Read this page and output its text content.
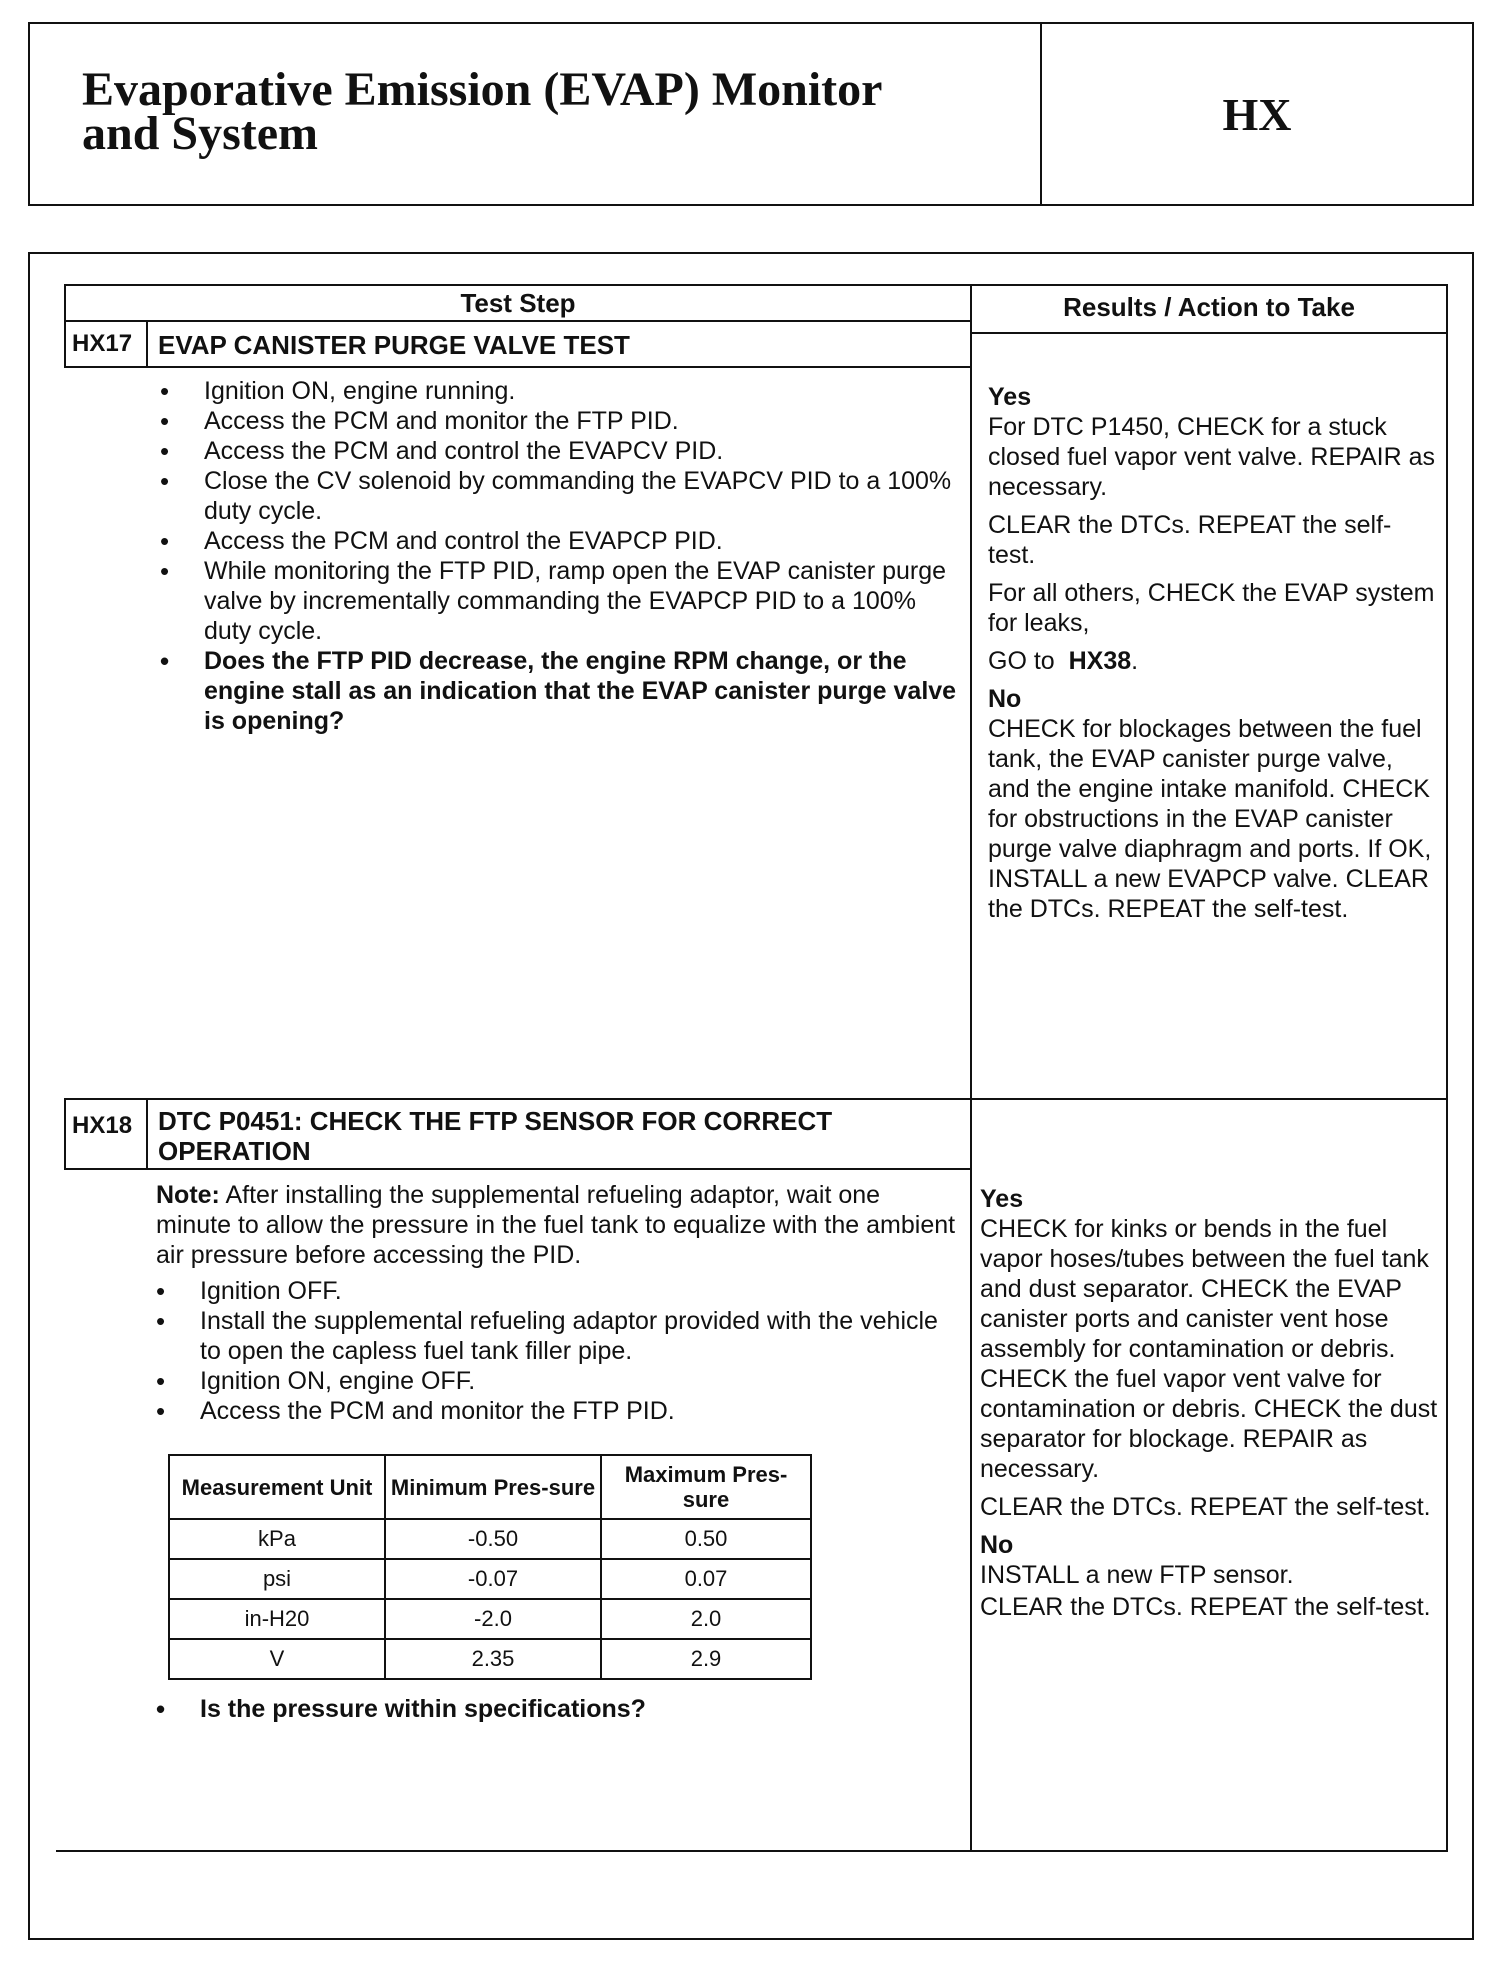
Evaporative Emission (EVAP) Monitor
and System	HX
Test Step	Results / Action to Take
HX17 EVAP CANISTER PURGE VALVE TEST
• Ignition ON, engine running.
• Access the PCM and monitor the FTP PID.
• Access the PCM and control the EVAPCV PID.
• Close the CV solenoid by commanding the EVAPCV PID to a 100% duty cycle.
• Access the PCM and control the EVAPCP PID.
• While monitoring the FTP PID, ramp open the EVAP canister purge valve by incrementally commanding the EVAPCP PID to a 100% duty cycle.
• Does the FTP PID decrease, the engine RPM change, or the engine stall as an indication that the EVAP canister purge valve is opening?
Yes

For DTC P1450, CHECK for a stuck closed fuel vapor vent valve. REPAIR as necessary.

CLEAR the DTCs. REPEAT the self-test.

For all others, CHECK the EVAP system for leaks,

GO to HX38.

No

CHECK for blockages between the fuel tank, the EVAP canister purge valve, and the engine intake manifold. CHECK for obstructions in the EVAP canister purge valve diaphragm and ports. If OK, INSTALL a new EVAPCP valve. CLEAR the DTCs. REPEAT the self-test.

HX18 DTC P0451: CHECK THE FTP SENSOR FOR CORRECT OPERATION
Note: After installing the supplemental refueling adaptor, wait one minute to allow the pressure in the fuel tank to equalize with the ambient air pressure before accessing the PID.
• Ignition OFF.
• Install the supplemental refueling adaptor provided with the vehicle to open the capless fuel tank filler pipe.
• Ignition ON, engine OFF.
• Access the PCM and monitor the FTP PID.
Measurement Unit	Minimum Pres-sure	Maximum Pres-sure
kPa	-0.50	0.50
psi	-0.07	0.07
in-H20	-2.0	2.0
V	2.35	2.9
• Is the pressure within specifications?
Yes

CHECK for kinks or bends in the fuel vapor hoses/tubes between the fuel tank and dust separator. CHECK the EVAP canister ports and canister vent hose assembly for contamination or debris. CHECK the fuel vapor vent valve for contamination or debris. CHECK the dust separator for blockage. REPAIR as necessary.

CLEAR the DTCs. REPEAT the self-test.

No

INSTALL a new FTP sensor.

CLEAR the DTCs. REPEAT the self-test.
